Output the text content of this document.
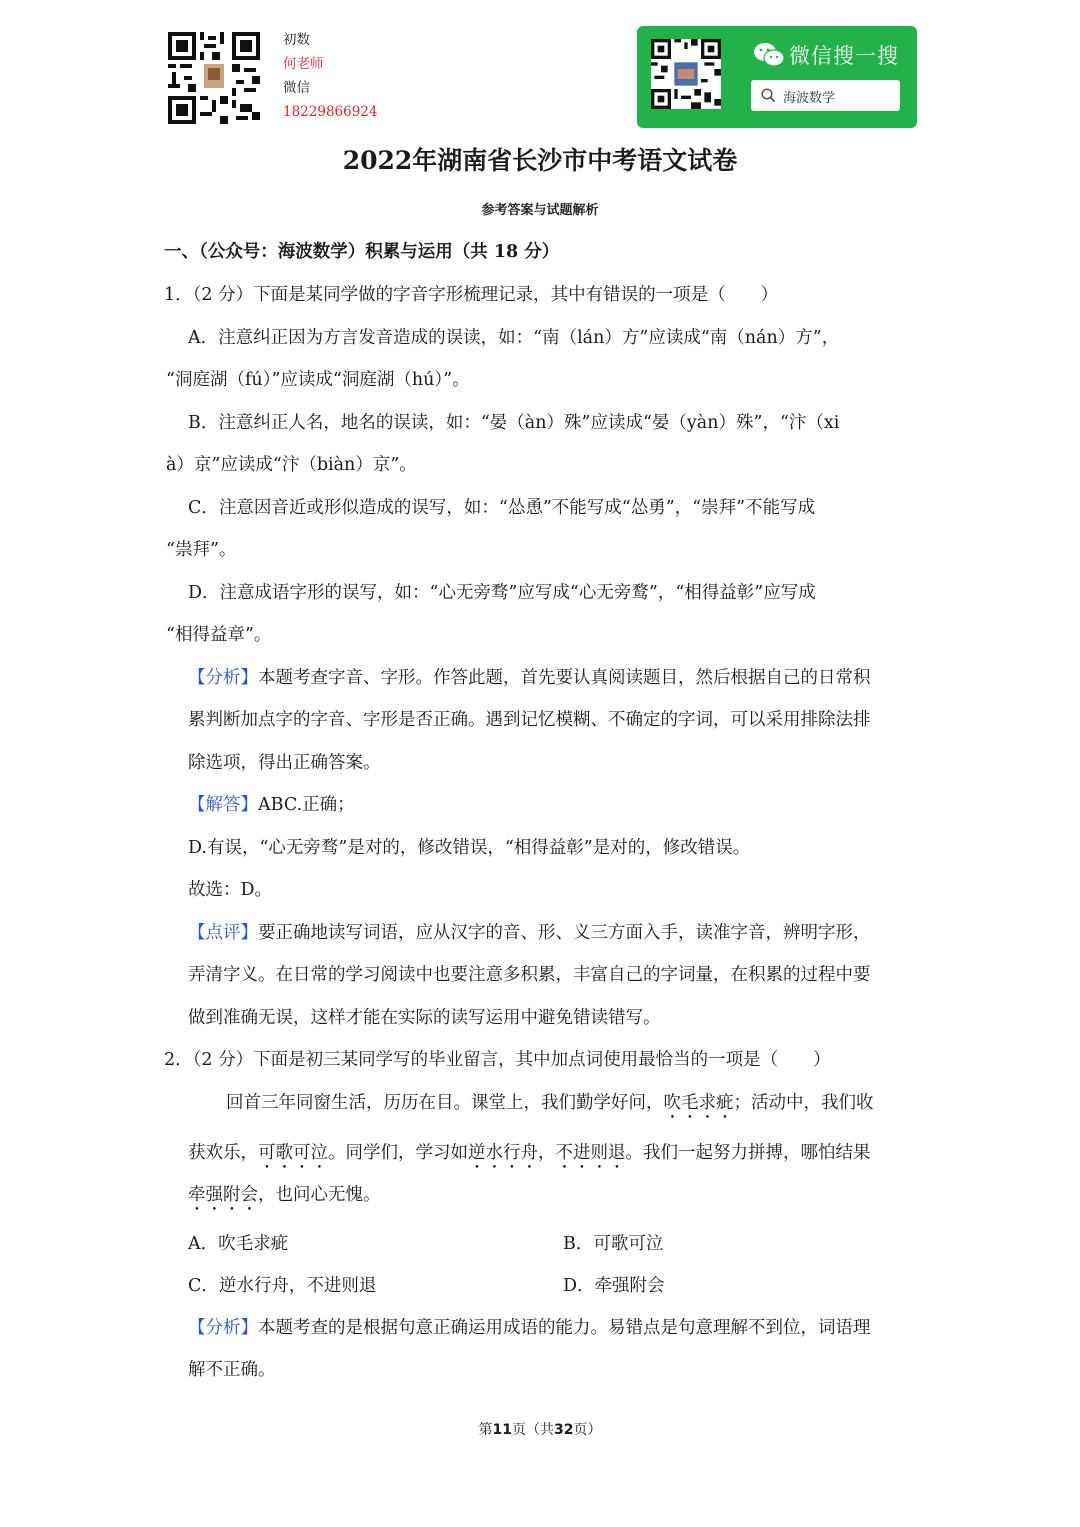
初数
何老师
微信
18229866924
微信搜一搜
海波数学
2022年湖南省长沙市中考语文试卷
参考答案与试题解析
一、（公众号：海波数学）积累与运用（共 18 分）
1．（2 分）下面是某同学做的字音字形梳理记录，其中有错误的一项是（　　）
A．注意纠正因为方言发音造成的误读，如：“南（lán）方”应读成“南（nán）方”，
“洞庭湖（fú）”应读成“洞庭湖（hú）”。
B．注意纠正人名，地名的误读，如：“晏（àn）殊”应读成“晏（yàn）殊”，“汴（xi
à）京”应读成“汴（biàn）京”。
C．注意因音近或形似造成的误写，如：“怂恿”不能写成“怂勇”，“崇拜”不能写成
“祟拜”。
D．注意成语字形的误写，如：“心无旁骛”应写成“心无旁鹜”，“相得益彰”应写成
“相得益章”。
【分析】本题考查字音、字形。作答此题，首先要认真阅读题目，然后根据自己的日常积
累判断加点字的字音、字形是否正确。遇到记忆模糊、不确定的字词，可以采用排除法排
除选项，得出正确答案。
【解答】ABC.正确；
D.有误，“心无旁骛”是对的，修改错误，“相得益彰”是对的，修改错误。
故选：D。
【点评】要正确地读写词语，应从汉字的音、形、义三方面入手，读准字音，辨明字形，
弄清字义。在日常的学习阅读中也要注意多积累，丰富自己的字词量，在积累的过程中要
做到准确无误，这样才能在实际的读写运用中避免错读错写。
2．（2 分）下面是初三某同学写的毕业留言，其中加点词使用最恰当的一项是（　　）
回首三年同窗生活，历历在目。课堂上，我们勤学好问，吹毛求疵；活动中，我们收
获欢乐，可歌可泣。同学们，学习如逆水行舟，不进则退。我们一起努力拼搏，哪怕结果
牵强附会，也问心无愧。
A．吹毛求疵	B．可歌可泣
C．逆水行舟，不进则退	D．牵强附会
【分析】本题考查的是根据句意正确运用成语的能力。易错点是句意理解不到位，词语理
解不正确。
第11页（共32页）
